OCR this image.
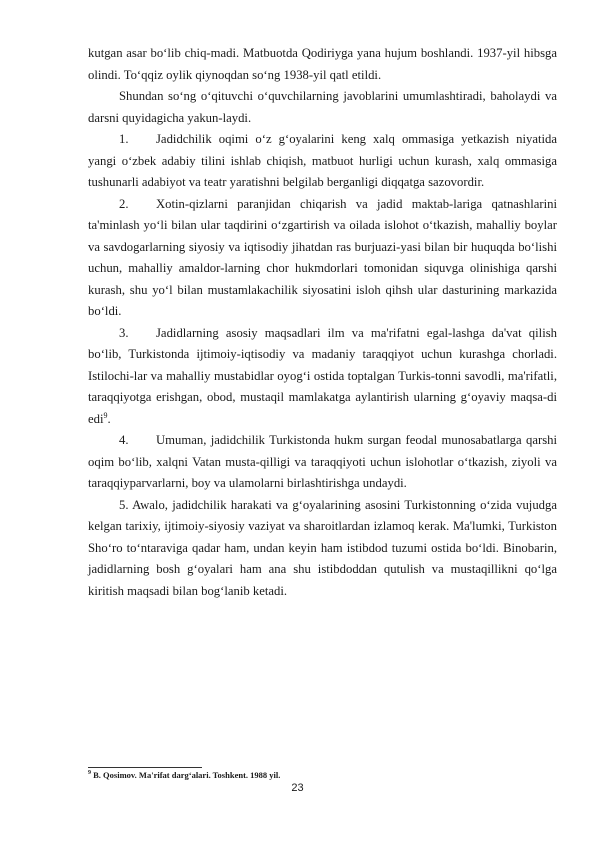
kutgan asar bo‘lib chiq-madi. Matbuotda Qodiriyga yana hujum boshlandi. 1937-yil hibsga olindi. To‘qqiz oylik qiynoqdan so‘ng 1938-yil qatl etildi.

Shundan so‘ng o‘qituvchi o‘quvchilarning javoblarini umumlashtiradi, baholaydi va darsni quyidagicha yakun-laydi.

1. Jadidchilik oqimi o‘z g‘oyalarini keng xalq ommasiga yetkazish niyatida yangi o‘zbek adabiy tilini ishlab chiqish, matbuot hurligi uchun kurash, xalq ommasiga tushunarli adabiyot va teatr yaratishni belgilab berganligi diqqatga sazovordir.

2. Xotin-qizlarni paranjidan chiqarish va jadid maktab-lariga qatnashlarini ta'minlash yo‘li bilan ular taqdirini o‘zgartirish va oilada islohot o‘tkazish, mahalliy boylar va savdogarlarning siyosiy va iqtisodiy jihatdan ras burjuazi-yasi bilan bir huquqda bo‘lishi uchun, mahalliy amaldor-larning chor hukmdorlari tomonidan siquvga olinishiga qarshi kurash, shu yo‘l bilan mustamlakachilik siyosatini isloh qihsh ular dasturining markazida bo‘ldi.

3. Jadidlarning asosiy maqsadlari ilm va ma'rifatni egal-lashga da'vat qilish bo‘lib, Turkistonda ijtimoiy-iqtisodiy va madaniy taraqqiyot uchun kurashga chorladi. Istilochi-lar va mahalliy mustabidlar oyog‘i ostida toptalgan Turkis-tonni savodli, ma'rifatli, taraqqiyotga erishgan, obod, mustaqil mamlakatga aylantirish ularning g‘oyaviy maqsa-di edi$^9$.

4. Umuman, jadidchilik Turkistonda hukm surgan feodal munosabatlarga qarshi oqim bo‘lib, xalqni Vatan musta-qilligi va taraqqiyoti uchun islohotlar o‘tkazish, ziyoli va taraqqiyparvarlarni, boy va ulamolarni birlashtirishga undaydi.

5. Awalo, jadidchilik harakati va g‘oyalarining asosini Turkistonning o‘zida vujudga kelgan tarixiy, ijtimoiy-siyosiy vaziyat va sharoitlardan izlamoq kerak. Ma'lumki, Turkiston Sho‘ro to‘ntaraviga qadar ham, undan keyin ham istibdod tuzumi ostida bo‘ldi. Binobarin, jadidlarning bosh g‘oyalari ham ana shu istibdoddan qutulish va mustaqillikni qo‘lga kiritish maqsadi bilan bog‘lanib ketadi.

$^9$ B. Qosimov. Ma'rifat darg‘alari. Toshkent. 1988 yil.
23
